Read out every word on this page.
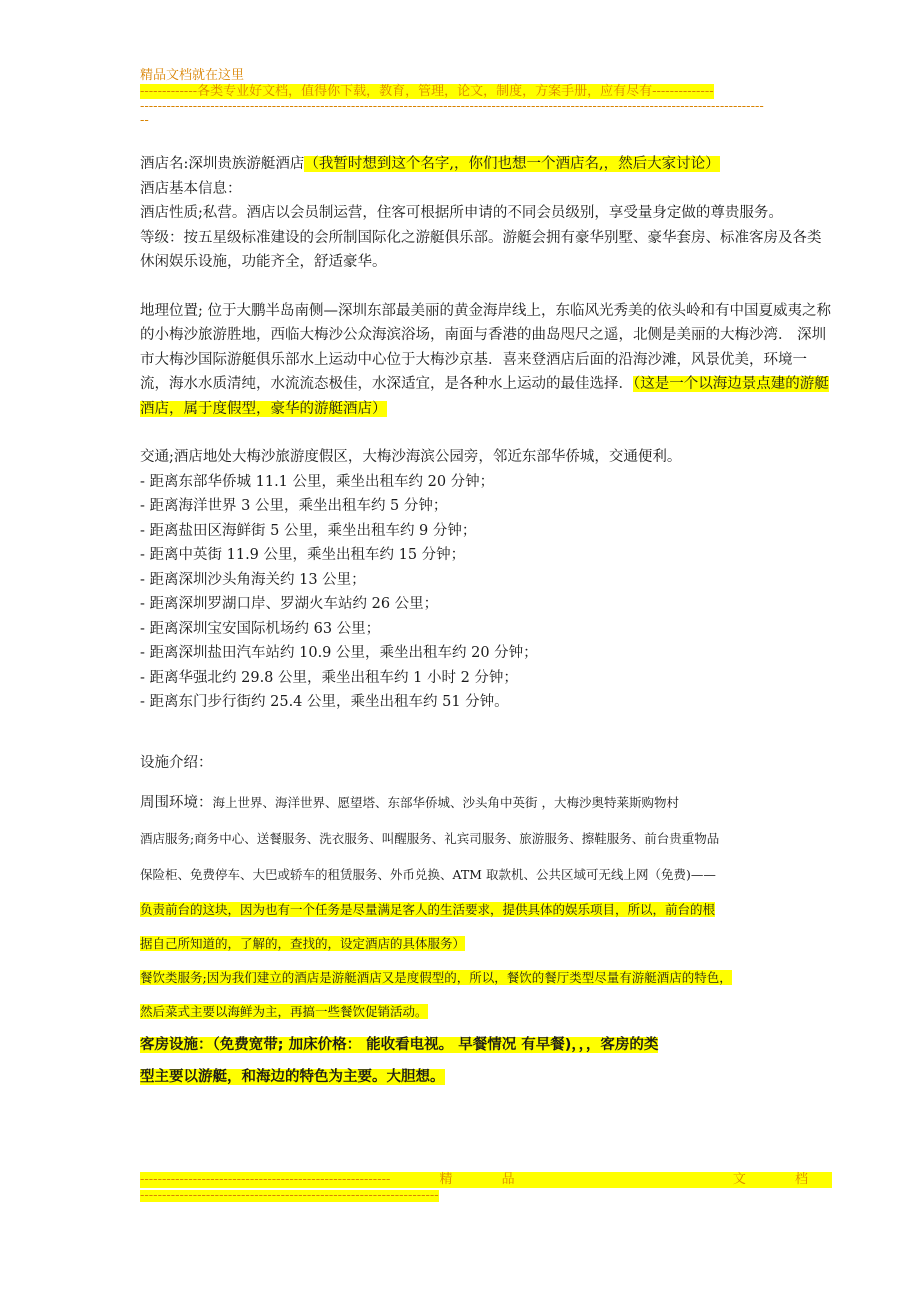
精品文档就在这里
-------------各类专业好文档，值得你下载，教育，管理，论文，制度，方案手册，应有尽有--------------
----------------------------------------------------------------------------------------------------------------------------------------------
--

酒店名:深圳贵族游艇酒店（我暂时想到这个名字,，你们也想一个酒店名,，然后大家讨论）

酒店基本信息：

酒店性质;私营。酒店以会员制运营，住客可根据所申请的不同会员级别，享受量身定做的尊贵服务。

等级：按五星级标准建设的会所制国际化之游艇俱乐部。游艇会拥有豪华别墅、豪华套房、标准客房及各类休闲娱乐设施，功能齐全，舒适豪华。

地理位置; 位于大鹏半岛南侧—深圳东部最美丽的黄金海岸线上，东临风光秀美的依头岭和有中国夏威夷之称的小梅沙旅游胜地，西临大梅沙公众海滨浴场，南面与香港的曲岛咫尺之遥，北侧是美丽的大梅沙湾． 深圳市大梅沙国际游艇俱乐部水上运动中心位于大梅沙京基．喜来登酒店后面的沿海沙滩，风景优美，环境一流，海水水质清纯，水流流态极佳，水深适宜，是各种水上运动的最佳选择．（这是一个以海边景点建的游艇酒店，属于度假型，豪华的游艇酒店）

交通;酒店地处大梅沙旅游度假区，大梅沙海滨公园旁，邻近东部华侨城，交通便利。

- 距离东部华侨城 11.1 公里，乘坐出租车约 20 分钟；

- 距离海洋世界 3 公里，乘坐出租车约 5 分钟；

- 距离盐田区海鲜街 5 公里，乘坐出租车约 9 分钟；

- 距离中英街 11.9 公里，乘坐出租车约 15 分钟；

- 距离深圳沙头角海关约 13 公里；

- 距离深圳罗湖口岸、罗湖火车站约 26 公里；

- 距离深圳宝安国际机场约 63 公里；

- 距离深圳盐田汽车站约 10.9 公里，乘坐出租车约 20 分钟；

- 距离华强北约 29.8 公里，乘坐出租车约 1 小时 2 分钟；

- 距离东门步行街约 25.4 公里，乘坐出租车约 51 分钟。

设施介绍：

周围环境：海上世界、海洋世界、愿望塔、东部华侨城、沙头角中英街 ，大梅沙奥特莱斯购物村

酒店服务;商务中心、送餐服务、洗衣服务、叫醒服务、礼宾司服务、旅游服务、擦鞋服务、前台贵重物品

保险柜、免费停车、大巴或轿车的租赁服务、外币兑换、ATM 取款机、公共区域可无线上网（免费)——

负责前台的这块，因为也有一个任务是尽量满足客人的生活要求，提供具体的娱乐项目，所以，前台的根

据自己所知道的，了解的，查找的，设定酒店的具体服务）

餐饮类服务;因为我们建立的酒店是游艇酒店又是度假型的，所以，餐饮的餐厅类型尽量有游艇酒店的特色，

然后菜式主要以海鲜为主，再搞一些餐饮促销活动。

客房设施：（免费宽带; 加床价格： 能收看电视。 早餐情况 有早餐)，，，客房的类

型主要以游艇，和海边的特色为主要。大胆想。

---------------------------------------------------------	精	品	文	档
--------------------------------------------------------------------
